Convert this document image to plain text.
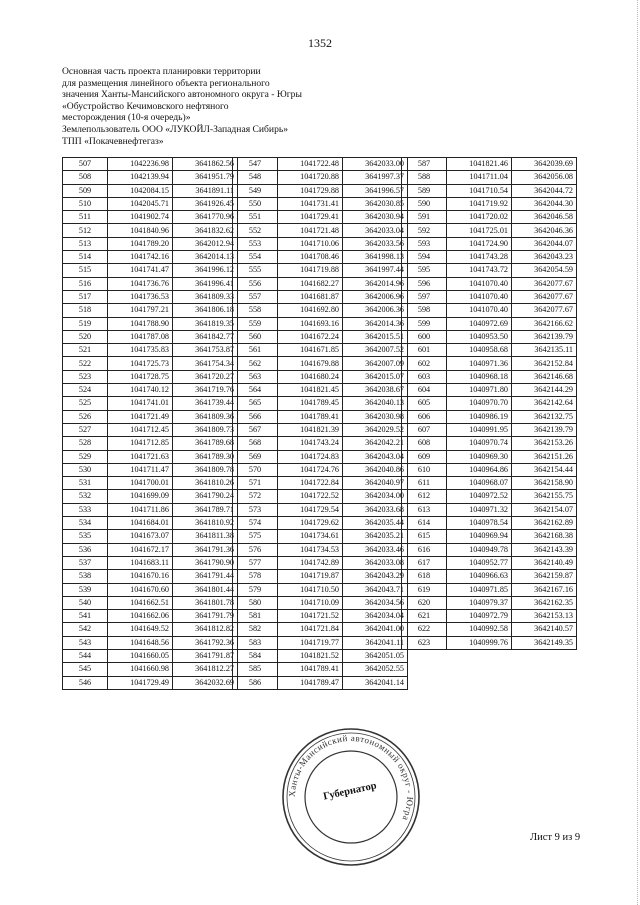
1352
Основная часть проекта планировки территории
для размещения линейного объекта регионального
значения Ханты-Мансийского автономного округа - Югры
«Обустройство Кечимовского нефтяного
месторождения (10-я очередь)»
Землепользователь ООО «ЛУКОЙЛ-Западная Сибирь»
ТПП «Покачевнефтегаз»
507	1042236.98	3641862.56
508	1042139.94	3641951.79
509	1042084.15	3641891.11
510	1042045.71	3641926.45
511	1041902.74	3641770.96
512	1041840.96	3641832.62
513	1041789.20	3642012.94
514	1041742.16	3642014.13
515	1041741.47	3641996.12
516	1041736.76	3641996.41
517	1041736.53	3641809.33
518	1041797.21	3641806.18
519	1041788.90	3641819.35
520	1041787.08	3641842.77
521	1041735.83	3641753.87
522	1041725.73	3641754.34
523	1041728.75	3641720.27
524	1041740.12	3641719.76
525	1041741.01	3641739.44
526	1041721.49	3641809.36
527	1041712.45	3641809.73
528	1041712.85	3641789.68
529	1041721.63	3641789.30
530	1041711.47	3641809.78
531	1041700.01	3641810.26
532	1041699.09	3641790.24
533	1041711.86	3641789.71
534	1041684.01	3641810.92
535	1041673.07	3641811.38
536	1041672.17	3641791.36
537	1041683.11	3641790.90
538	1041670.16	3641791.44
539	1041670.60	3641801.44
540	1041662.51	3641801.78
541	1041662.06	3641791.79
542	1041649.52	3641812.82
543	1041648.56	3641792.36
544	1041660.05	3641791.87
545	1041660.98	3641812.27
546	1041729.49	3642032.69
547	1041722.48	3642033.00
548	1041720.88	3641997.37
549	1041729.88	3641996.57
550	1041731.41	3642030.85
551	1041729.41	3642030.94
552	1041721.48	3642033.04
553	1041710.06	3642033.56
554	1041708.46	3641998.13
555	1041719.88	3641997.44
556	1041682.27	3642014.96
557	1041681.87	3642006.96
558	1041692.80	3642006.36
559	1041693.16	3642014.36
560	1041672.24	3642015.51
561	1041671.85	3642007.52
562	1041679.88	3642007.09
563	1041680.24	3642015.07
564	1041821.45	3642038.67
565	1041789.45	3642040.13
566	1041789.41	3642030.98
567	1041821.39	3642029.52
568	1041743.24	3642042.21
569	1041724.83	3642043.04
570	1041724.76	3642040.86
571	1041722.84	3642040.97
572	1041722.52	3642034.00
573	1041729.54	3642033.68
574	1041729.62	3642035.44
575	1041734.61	3642035.21
576	1041734.53	3642033.46
577	1041742.89	3642033.08
578	1041719.87	3642043.29
579	1041710.50	3642043.71
580	1041710.09	3642034.56
581	1041721.52	3642034.04
582	1041721.84	3642041.00
583	1041719.77	3642041.11
584	1041821.52	3642051.05
585	1041789.41	3642052.55
586	1041789.47	3642041.14
587	1041821.46	3642039.69
588	1041711.04	3642056.08
589	1041710.54	3642044.72
590	1041719.92	3642044.30
591	1041720.02	3642046.58
592	1041725.01	3642046.36
593	1041724.90	3642044.07
594	1041743.28	3642043.23
595	1041743.72	3642054.59
596	1041070.40	3642077.67
597	1041070.40	3642077.67
598	1041070.40	3642077.67
599	1040972.69	3642166.62
600	1040953.50	3642139.79
601	1040958.68	3642135.11
602	1040971.36	3642152.84
603	1040968.18	3642146.68
604	1040971.80	3642144.29
605	1040970.70	3642142.64
606	1040986.19	3642132.75
607	1040991.95	3642139.79
608	1040970.74	3642153.26
609	1040969.30	3642151.26
610	1040964.86	3642154.44
611	1040968.07	3642158.90
612	1040972.52	3642155.75
613	1040971.32	3642154.07
614	1040978.54	3642162.89
615	1040969.94	3642168.38
616	1040949.78	3642143.39
617	1040952.77	3642140.49
618	1040966.63	3642159.87
619	1040971.85	3642167.16
620	1040979.37	3642162.35
621	1040972.79	3642153.13
622	1040992.58	3642140.57
623	1040999.76	3642149.35
Ханты-Мансийский автономный округ - Югра
Губернатор
Лист 9 из 9
